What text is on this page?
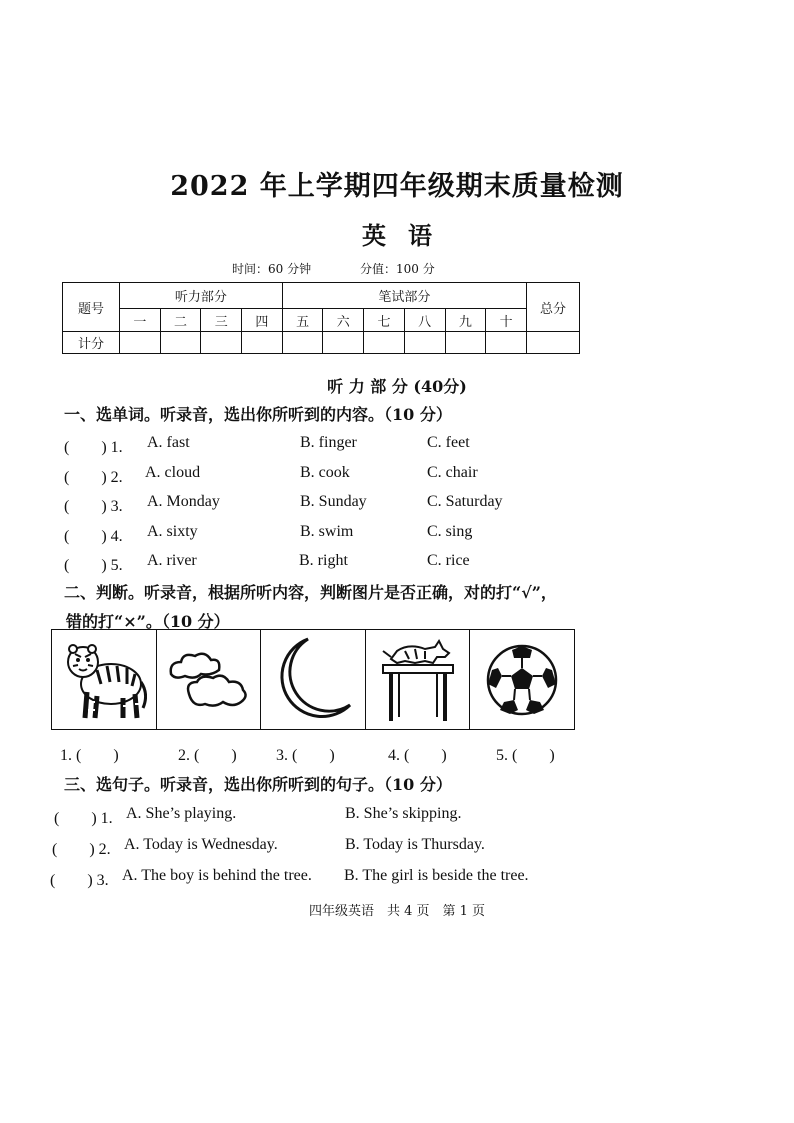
2022 年上学期四年级期末质量检测
英语
时间：60 分钟	分值：100 分
题号	听力部分				笔试部分						总分
	一	二	三	四	五	六	七	八	九	十	
计分											
听 力 部 分 (40分)
一、选单词。听录音，选出你所听到的内容。（10 分）
(　　) 1. A. fast	B. finger	C. feet
(　　) 2. A. cloud	B. cook	C. chair
(　　) 3. A. Monday	B. Sunday	C. Saturday
(　　) 4. A. sixty	B. swim	C. sing
(　　) 5. A. river	B. right	C. rice
二、判断。听录音，根据所听内容，判断图片是否正确，对的打“√”，
错的打“×”。（10 分）
1. (　　)	2. (　　) 3. (　　)	4. (　　)	5. (　　)
三、选句子。听录音，选出你所听到的句子。（10 分）
(　　) 1. A. She’s playing.	B. She’s skipping.
(　　) 2. A. Today is Wednesday.	B. Today is Thursday.
(　　) 3. A. The boy is behind the tree. B. The girl is beside the tree.
四年级英语　共 4 页　第 1 页
